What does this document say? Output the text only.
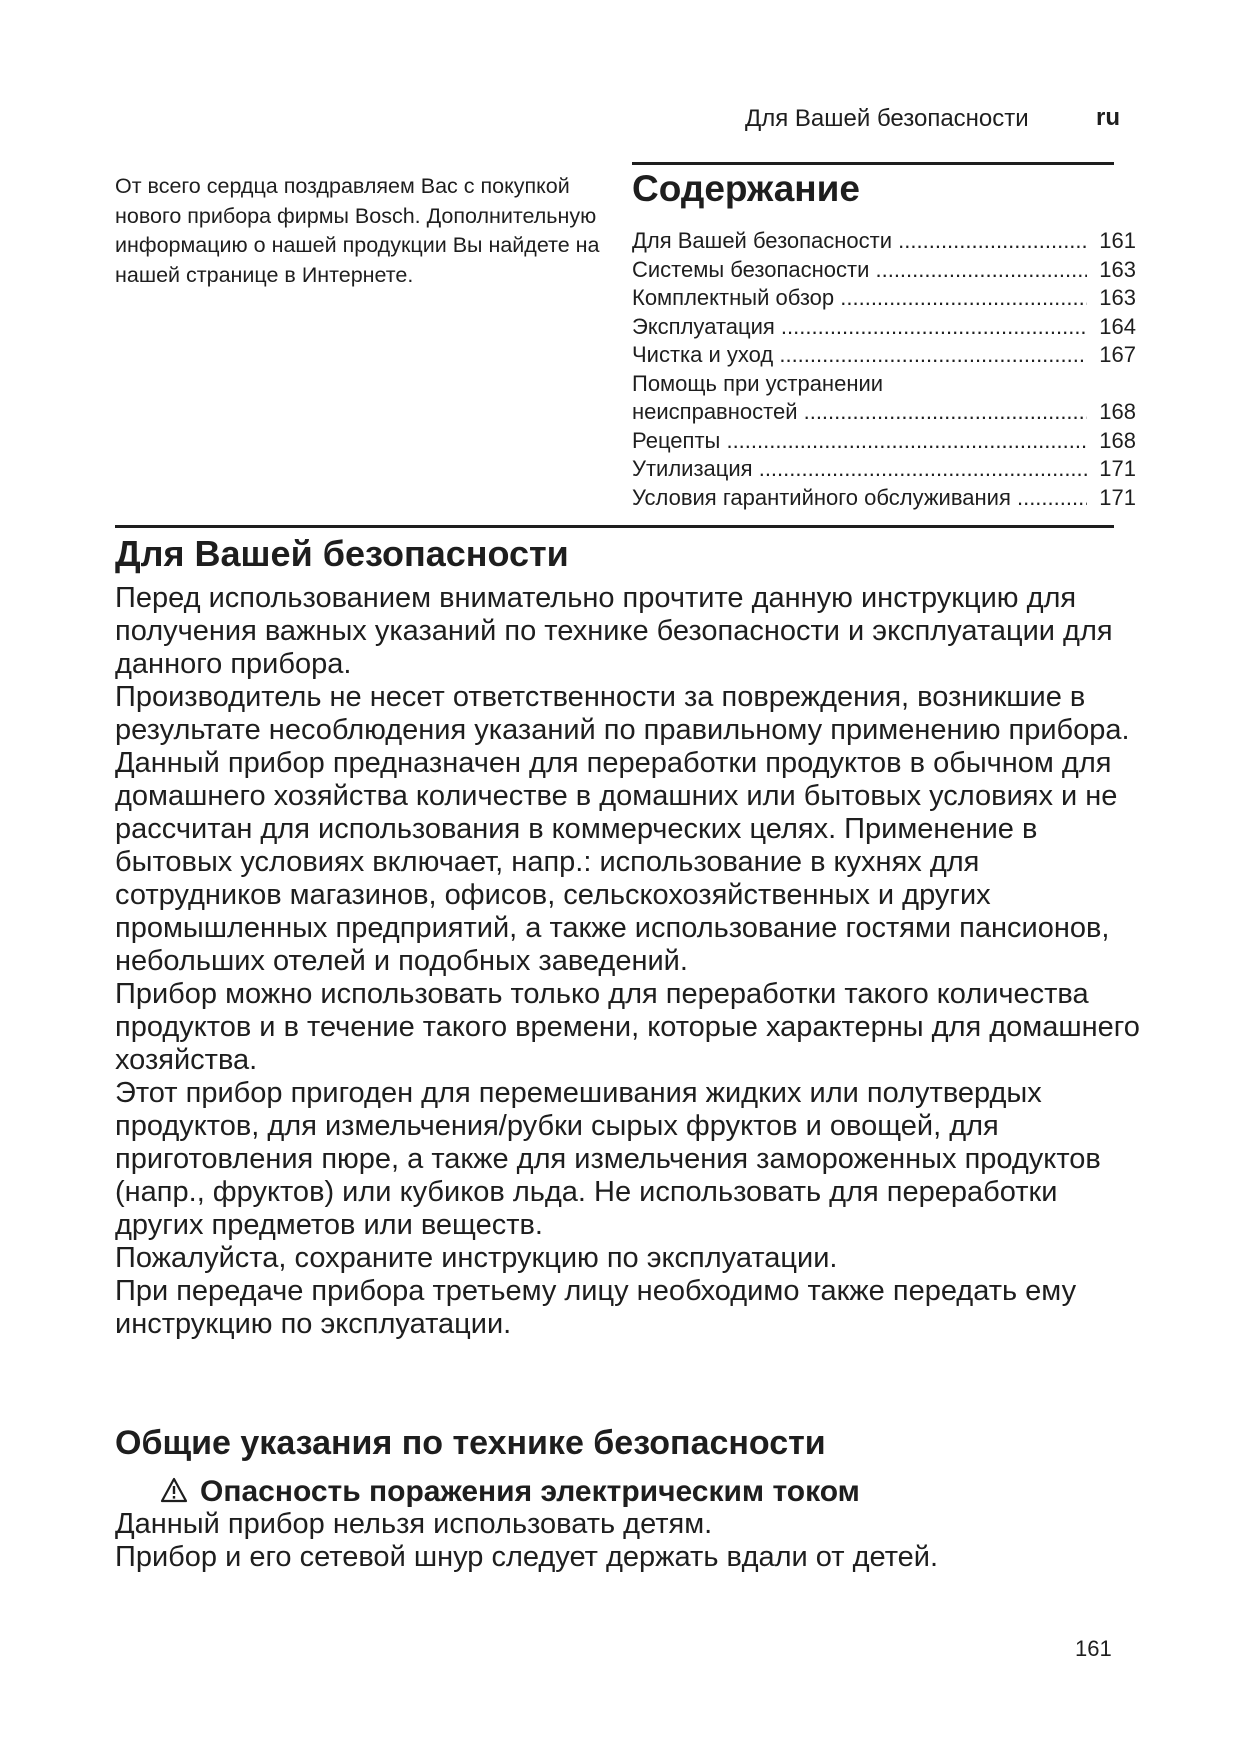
Для Вашей безопасности	ru
От всего сердца поздравляем Вас с покупкой нового прибора фирмы Bosch. Дополнительную информацию о нашей продукции Вы найдете на нашей странице в Интернете.
Содержание
Для Вашей безопасности .....	161
Системы безопасности .....	163
Комплектный обзор .....	163
Эксплуатация .....	164
Чистка и уход .....	167
Помощь при устранении
неисправностей .....	168
Рецепты .....	168
Утилизация .....	171
Условия гарантийного обслуживания .....	171
Для Вашей безопасности

Перед использованием внимательно прочтите данную инструкцию для получения важных указаний по технике безопасности и эксплуатации для данного прибора.

Производитель не несет ответственности за повреждения, возникшие в результате несоблюдения указаний по правильному применению прибора.

Данный прибор предназначен для переработки продуктов в обычном для домашнего хозяйства количестве в домашних или бытовых условиях и не рассчитан для использования в коммерческих целях. Применение в бытовых условиях включает, напр.: использование в кухнях для сотрудников магазинов, офисов, сельскохозяйственных и других промышленных предприятий, а также использование гостями пансионов, небольших отелей и подобных заведений.

Прибор можно использовать только для переработки такого количества продуктов и в течение такого времени, которые характерны для домашнего хозяйства.

Этот прибор пригоден для перемешивания жидких или полутвердых продуктов, для измельчения/рубки сырых фруктов и овощей, для приготовления пюре, а также для измельчения замороженных продуктов (напр., фруктов) или кубиков льда. Не использовать для переработки других предметов или веществ.

Пожалуйста, сохраните инструкцию по эксплуатации.

При передаче прибора третьему лицу необходимо также передать ему инструкцию по эксплуатации.

Общие указания по технике безопасности
Опасность поражения электрическим током

Данный прибор нельзя использовать детям.

Прибор и его сетевой шнур следует держать вдали от детей.

161
